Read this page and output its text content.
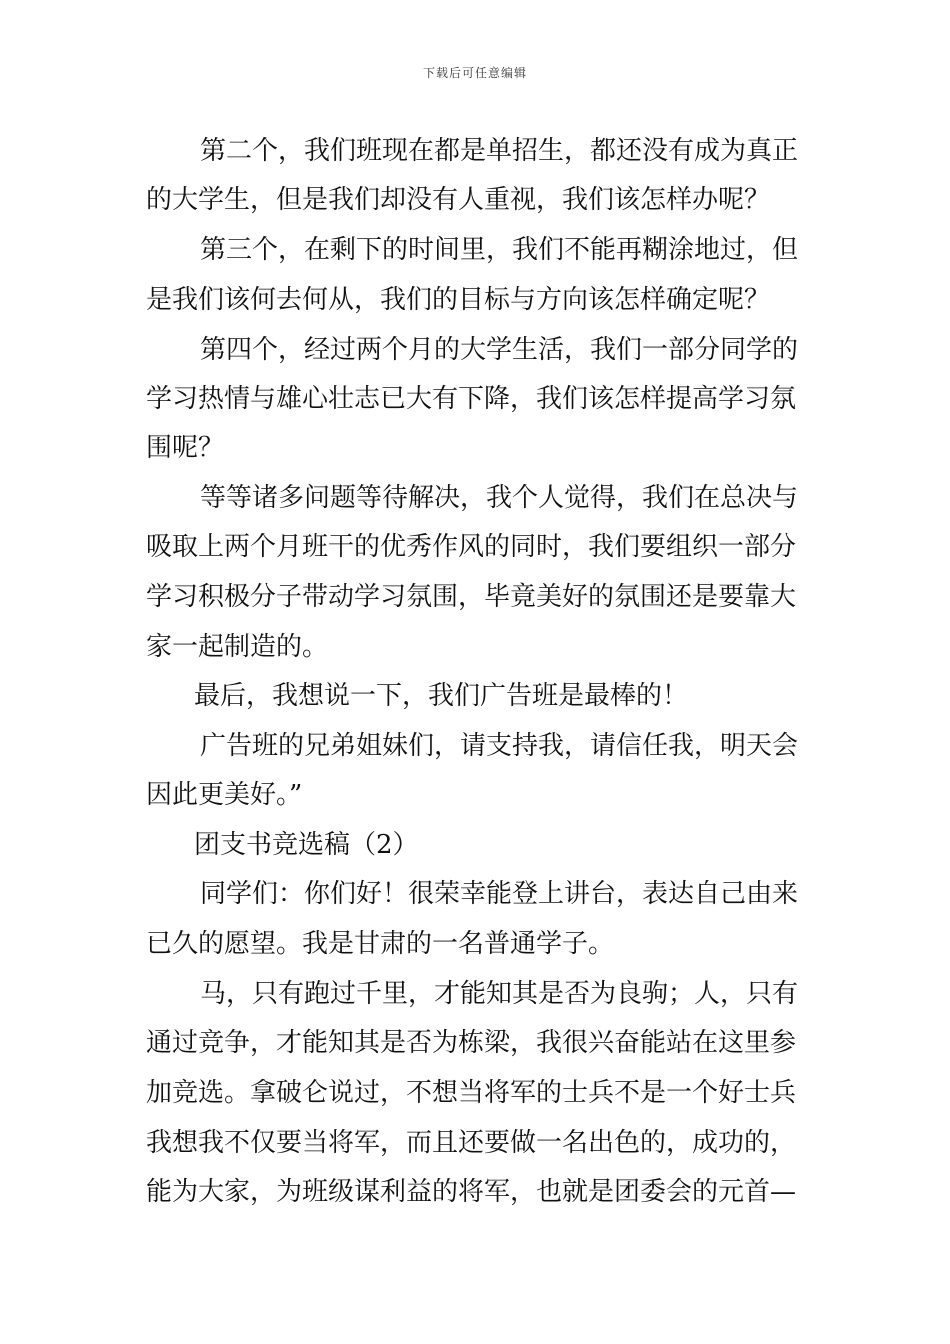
下载后可任意编辑
第二个，我们班现在都是单招生，都还没有成为真正
的大学生，但是我们却没有人重视，我们该怎样办呢？
第三个，在剩下的时间里，我们不能再糊涂地过，但
是我们该何去何从，我们的目标与方向该怎样确定呢？
第四个，经过两个月的大学生活，我们一部分同学的
学习热情与雄心壮志已大有下降，我们该怎样提高学习氛
围呢？
等等诸多问题等待解决，我个人觉得，我们在总决与
吸取上两个月班干的优秀作风的同时，我们要组织一部分
学习积极分子带动学习氛围，毕竟美好的氛围还是要靠大
家一起制造的。
最后，我想说一下，我们广告班是最棒的！
广告班的兄弟姐妹们，请支持我，请信任我，明天会
因此更美好。”
团支书竞选稿（2）
同学们：你们好！很荣幸能登上讲台，表达自己由来
已久的愿望。我是甘肃的一名普通学子。
马，只有跑过千里，才能知其是否为良驹；人，只有
通过竞争，才能知其是否为栋梁，我很兴奋能站在这里参
加竞选。拿破仑说过，不想当将军的士兵不是一个好士兵
我想我不仅要当将军，而且还要做一名出色的，成功的，
能为大家，为班级谋利益的将军，也就是团委会的元首—
